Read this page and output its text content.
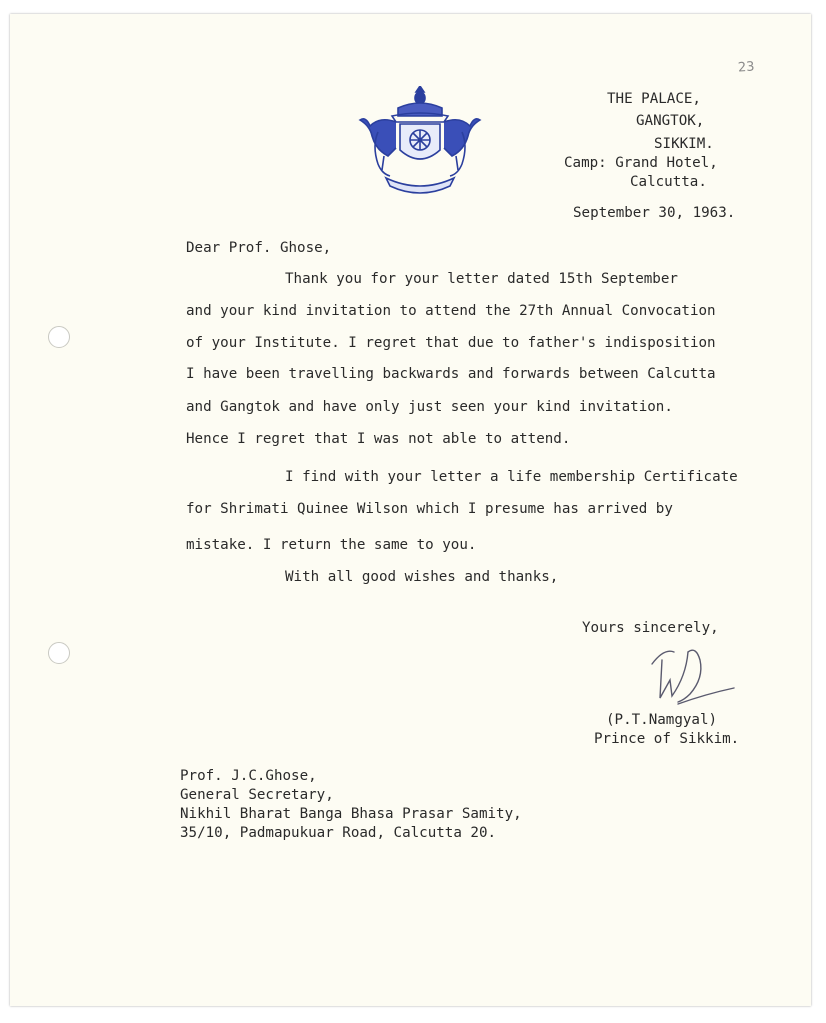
23
THE PALACE,
GANGTOK,
SIKKIM.
Camp: Grand Hotel,
Calcutta.
September 30, 1963.
Dear Prof. Ghose,
Thank you for your letter dated 15th September
and your kind invitation to attend the 27th Annual Convocation
of your Institute. I regret that due to father's indisposition
I have been travelling backwards and forwards between Calcutta
and Gangtok and have only just seen your kind invitation.
Hence I regret that I was not able to attend.
I find with your letter a life membership Certificate
for Shrimati Quinee Wilson which I presume has arrived by
mistake. I return the same to you.
With all good wishes and thanks,
Yours sincerely,
(P.T.Namgyal)
Prince of Sikkim.
Prof. J.C.Ghose,
General Secretary,
Nikhil Bharat Banga Bhasa Prasar Samity,
35/10, Padmapukuar Road, Calcutta 20.
